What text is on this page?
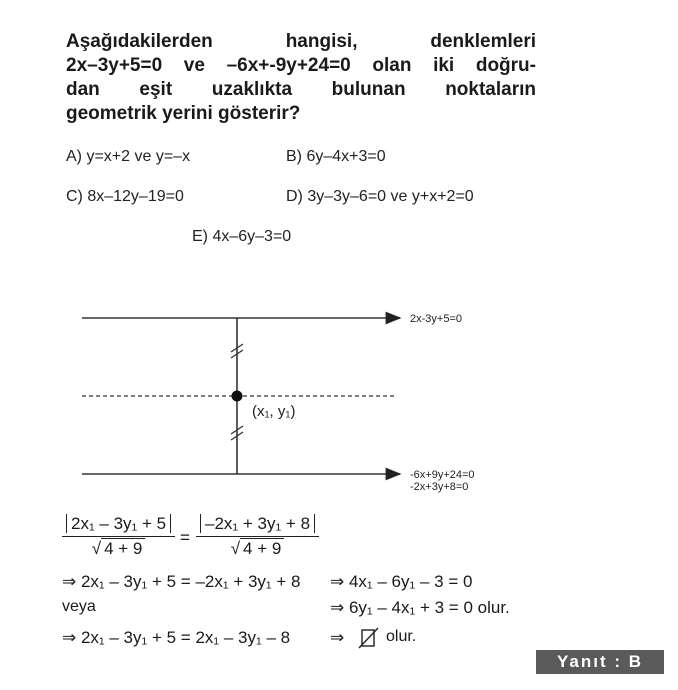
Aşağıdakilerden hangisi, denklemleri
2x–3y+5=0 ve –6x+-9y+24=0 olan iki doğru-
dan eşit uzaklıkta bulunan noktaların
geometrik yerini gösterir?
A) y=x+2 ve y=–x	B) 6y–4x+3=0
C) 8x–12y–19=0	D) 3y–3y–6=0 ve y+x+2=0
E) 4x–6y–3=0
2x-3y+5=0
-6x+9y+24=0
-2x+3y+8=0
(x₁, y₁)
$\frac{\text{2x₁ – 3y₁ + 5}}{√ 4 + 9} = \frac{\text{–2x₁ + 3y₁ + 8}}{√ 4 + 9}$
⇒ 2x₁ – 3y₁ + 5 = –2x₁ + 3y₁ + 8 ⇒ 4x₁ – 6y₁ – 3 = 0
veya	⇒ 6y₁ – 4x₁ + 3 = 0 olur.
⇒ 2x₁ – 3y₁ + 5 = 2x₁ – 3y₁ – 8 ⇒	olur.
Yanıt : B
